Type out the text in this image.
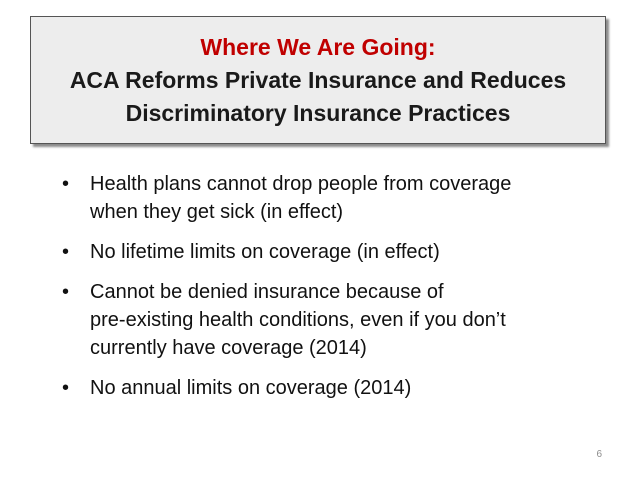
Where We Are Going:
ACA Reforms Private Insurance and Reduces
Discriminatory Insurance Practices
• Health plans cannot drop people from coverage
when they get sick (in effect)
• No lifetime limits on coverage (in effect)
• Cannot be denied insurance because of
pre-existing health conditions, even if you don’t
currently have coverage (2014)
• No annual limits on coverage (2014)
6
